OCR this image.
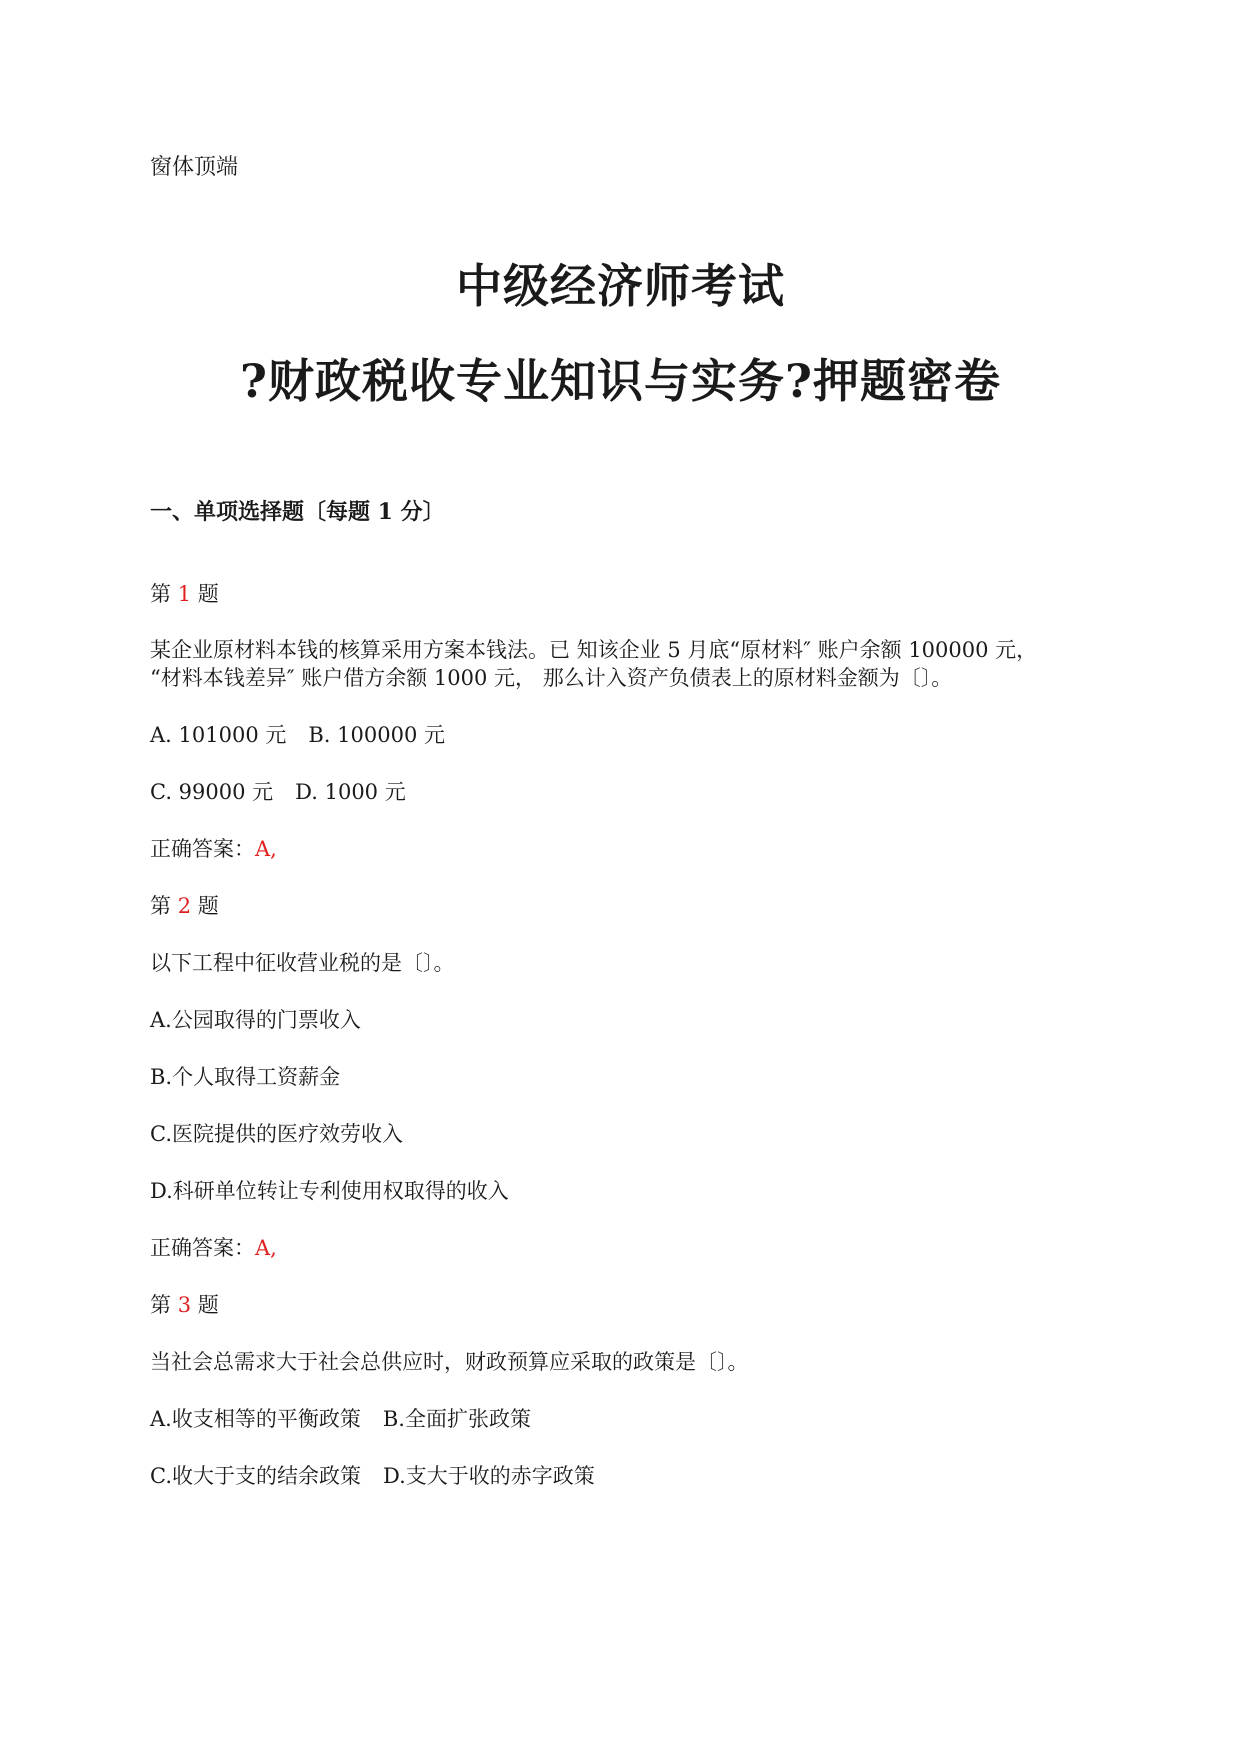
窗体顶端
中级经济师考试
?财政税收专业知识与实务?押题密卷
一、单项选择题〔每题 1 分〕
第 1 题
某企业原材料本钱的核算采用方案本钱法。已 知该企业 5 月底“原材料″ 账户余额 100000 元，
“材料本钱差异″ 账户借方余额 1000 元， 那么计入资产负债表上的原材料金额为〔〕。
A. 101000 元 B. 100000 元
C. 99000 元 D. 1000 元
正确答案：A,
第 2 题
以下工程中征收营业税的是〔〕。
A.公园取得的门票收入
B.个人取得工资薪金
C.医院提供的医疗效劳收入
D.科研单位转让专利使用权取得的收入
正确答案：A,
第 3 题
当社会总需求大于社会总供应时，财政预算应采取的政策是〔〕。
A.收支相等的平衡政策 B.全面扩张政策
C.收大于支的结余政策 D.支大于收的赤字政策
